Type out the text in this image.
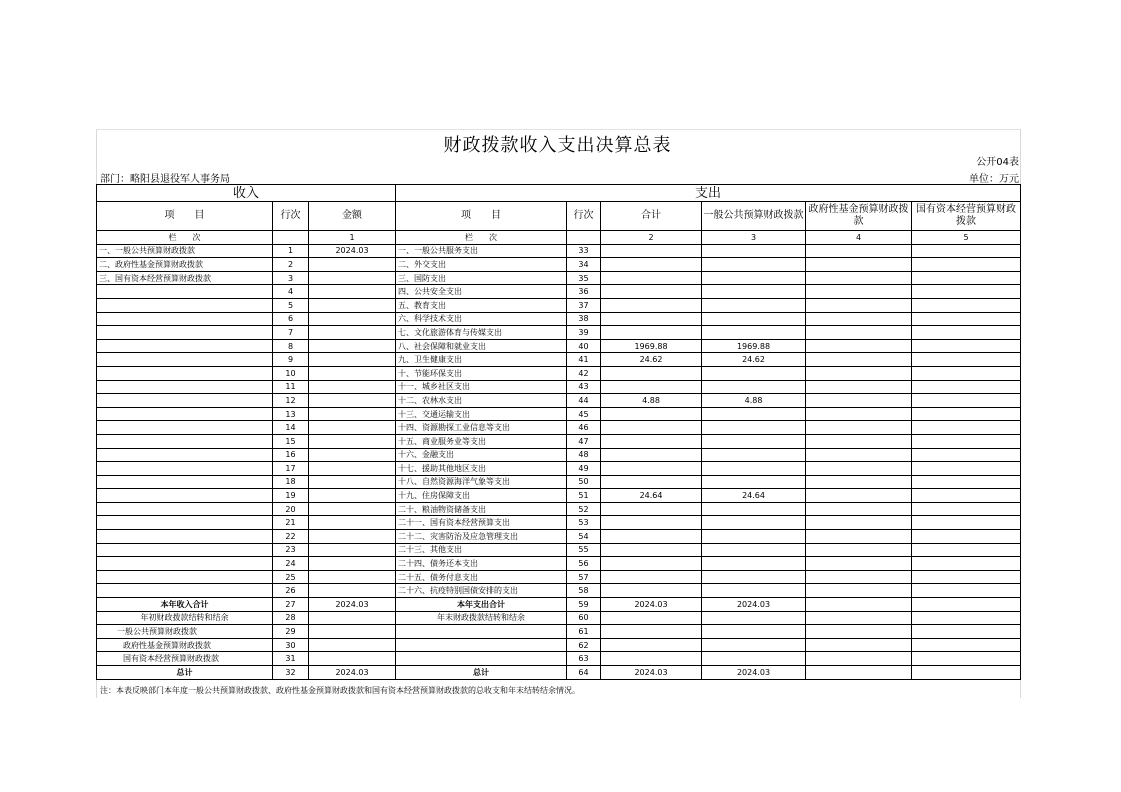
财政拨款收入支出决算总表
公开04表
部门：略阳县退役军人事务局	单位：万元
收入			支出					
项　　目	行次	金额	项　　目	行次	合计	一般公共预算财政拨款	政府性基金预算财政拨款	国有资本经营预算财政拨款
栏　　次		1	栏　　次		2	3	4	5
一、一般公共预算财政拨款	1	2024.03	一、一般公共服务支出	33				
二、政府性基金预算财政拨款	2		二、外交支出	34				
三、国有资本经营预算财政拨款	3		三、国防支出	35				
	4		四、公共安全支出	36				
	5		五、教育支出	37				
	6		六、科学技术支出	38				
	7		七、文化旅游体育与传媒支出	39				
	8		八、社会保障和就业支出	40	1969.88	1969.88		
	9		九、卫生健康支出	41	24.62	24.62		
	10		十、节能环保支出	42				
	11		十一、城乡社区支出	43				
	12		十二、农林水支出	44	4.88	4.88		
	13		十三、交通运输支出	45				
	14		十四、资源勘探工业信息等支出	46				
	15		十五、商业服务业等支出	47				
	16		十六、金融支出	48				
	17		十七、援助其他地区支出	49				
	18		十八、自然资源海洋气象等支出	50				
	19		十九、住房保障支出	51	24.64	24.64		
	20		二十、粮油物资储备支出	52				
	21		二十一、国有资本经营预算支出	53				
	22		二十二、灾害防治及应急管理支出	54				
	23		二十三、其他支出	55				
	24		二十四、债务还本支出	56				
	25		二十五、债务付息支出	57				
	26		二十六、抗疫特别国债安排的支出	58				
本年收入合计	27	2024.03	本年支出合计	59	2024.03	2024.03		
年初财政拨款结转和结余	28		年末财政拨款结转和结余	60				
一般公共预算财政拨款	29			61				
政府性基金预算财政拨款	30			62				
国有资本经营预算财政拨款	31			63				
总计	32	2024.03	总计	64	2024.03	2024.03		
注：本表反映部门本年度一般公共预算财政拨款、政府性基金预算财政拨款和国有资本经营预算财政拨款的总收支和年末结转结余情况。
